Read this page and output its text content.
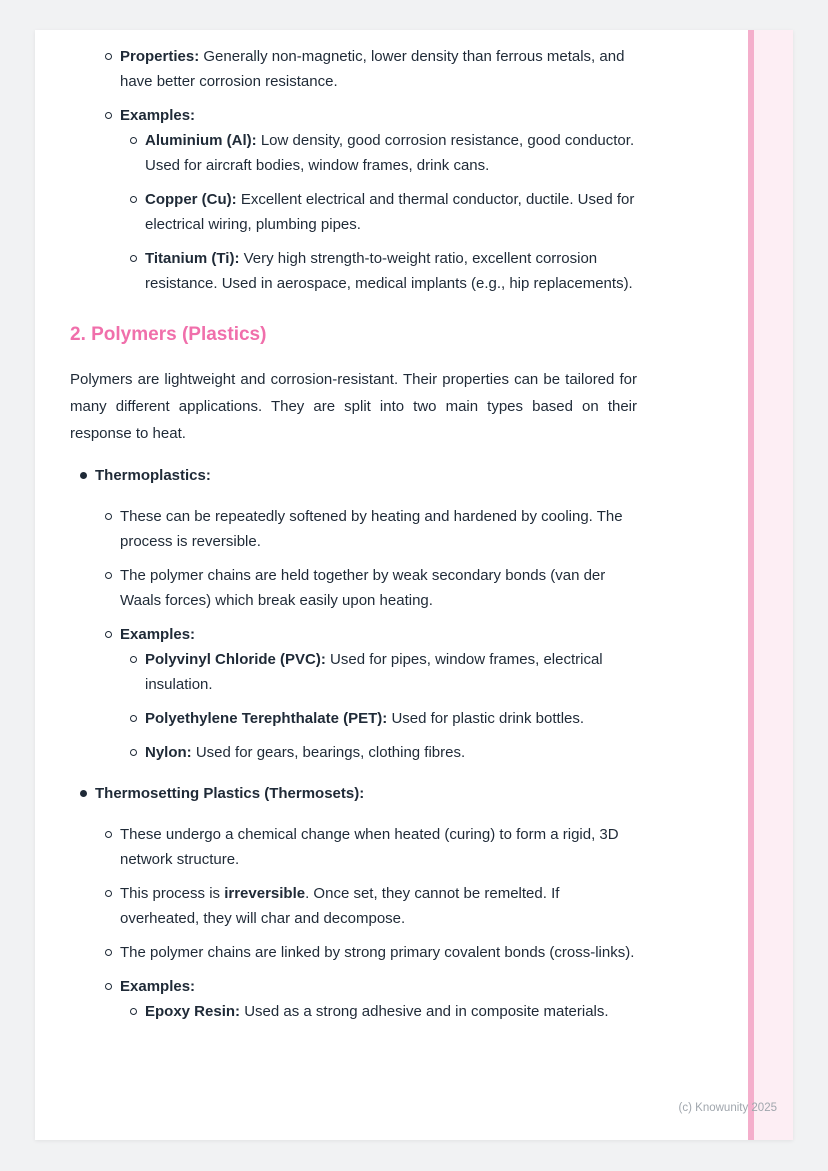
Properties: Generally non-magnetic, lower density than ferrous metals, and have better corrosion resistance.
Examples:
Aluminium (Al): Low density, good corrosion resistance, good conductor. Used for aircraft bodies, window frames, drink cans.
Copper (Cu): Excellent electrical and thermal conductor, ductile. Used for electrical wiring, plumbing pipes.
Titanium (Ti): Very high strength-to-weight ratio, excellent corrosion resistance. Used in aerospace, medical implants (e.g., hip replacements).
2. Polymers (Plastics)

Polymers are lightweight and corrosion-resistant. Their properties can be tailored for many different applications. They are split into two main types based on their response to heat.

Thermoplastics:
These can be repeatedly softened by heating and hardened by cooling. The process is reversible.
The polymer chains are held together by weak secondary bonds (van der Waals forces) which break easily upon heating.
Examples:
Polyvinyl Chloride (PVC): Used for pipes, window frames, electrical insulation.
Polyethylene Terephthalate (PET): Used for plastic drink bottles.
Nylon: Used for gears, bearings, clothing fibres.
Thermosetting Plastics (Thermosets):
These undergo a chemical change when heated (curing) to form a rigid, 3D network structure.
This process is irreversible. Once set, they cannot be remelted. If overheated, they will char and decompose.
The polymer chains are linked by strong primary covalent bonds (cross-links).
Examples:
Epoxy Resin: Used as a strong adhesive and in composite materials.
(c) Knowunity 2025
